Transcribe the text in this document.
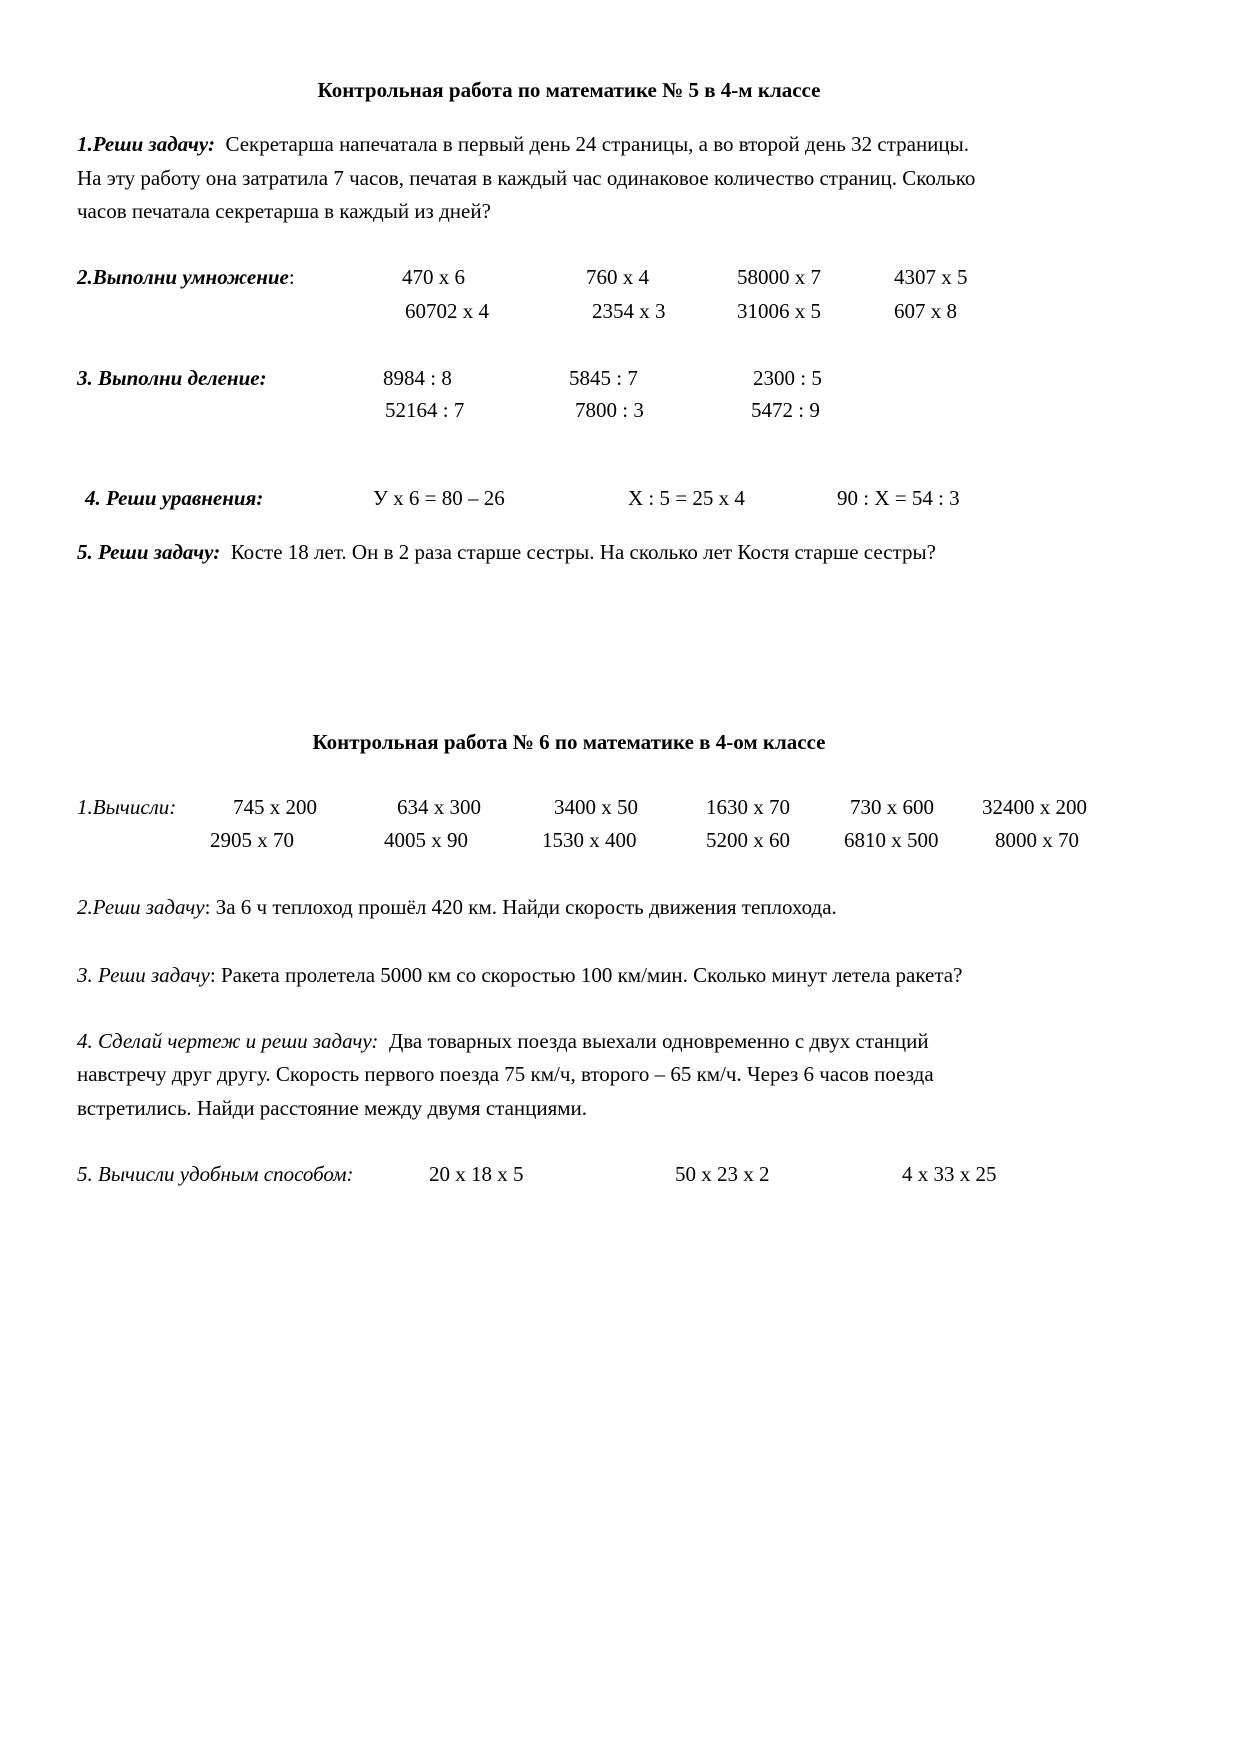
Контрольная работа по математике № 5 в 4-м классе
1.Реши задачу: Секретарша напечатала в первый день 24 страницы, а во второй день 32 страницы.
На эту работу она затратила 7 часов, печатая в каждый час одинаковое количество страниц. Сколько
часов печатала секретарша в каждый из дней?
2.Выполни умножение:	470 x 6	760 x 4	58000 x 7	4307 x 5
60702 x 4	2354 x 3	31006 x 5	607 x 8
3. Выполни деление:	8984 : 8	5845 : 7	2300 : 5
52164 : 7	7800 : 3	5472 : 9
4. Реши уравнения:	У x 6 = 80 – 26	Х : 5 = 25 x 4	90 : Х = 54 : 3
5. Реши задачу: Косте 18 лет. Он в 2 раза старше сестры. На сколько лет Костя старше сестры?
Контрольная работа № 6 по математике в 4-ом классе
1.Вычисли:	745 x 200	634 x 300	3400 x 50	1630 x 70	730 x 600 32400 x 200
2905 x 70	4005 x 90	1530 x 400	5200 x 60	6810 x 500	8000 x 70
2.Реши задачу: За 6 ч теплоход прошёл 420 км. Найди скорость движения теплохода.
3. Реши задачу: Ракета пролетела 5000 км со скоростью 100 км/мин. Сколько минут летела ракета?
4. Сделай чертеж и реши задачу: Два товарных поезда выехали одновременно с двух станций
навстречу друг другу. Скорость первого поезда 75 км/ч, второго – 65 км/ч. Через 6 часов поезда
встретились. Найди расстояние между двумя станциями.
5. Вычисли удобным способом:	20 x 18 x 5	50 x 23 x 2	4 x 33 x 25
